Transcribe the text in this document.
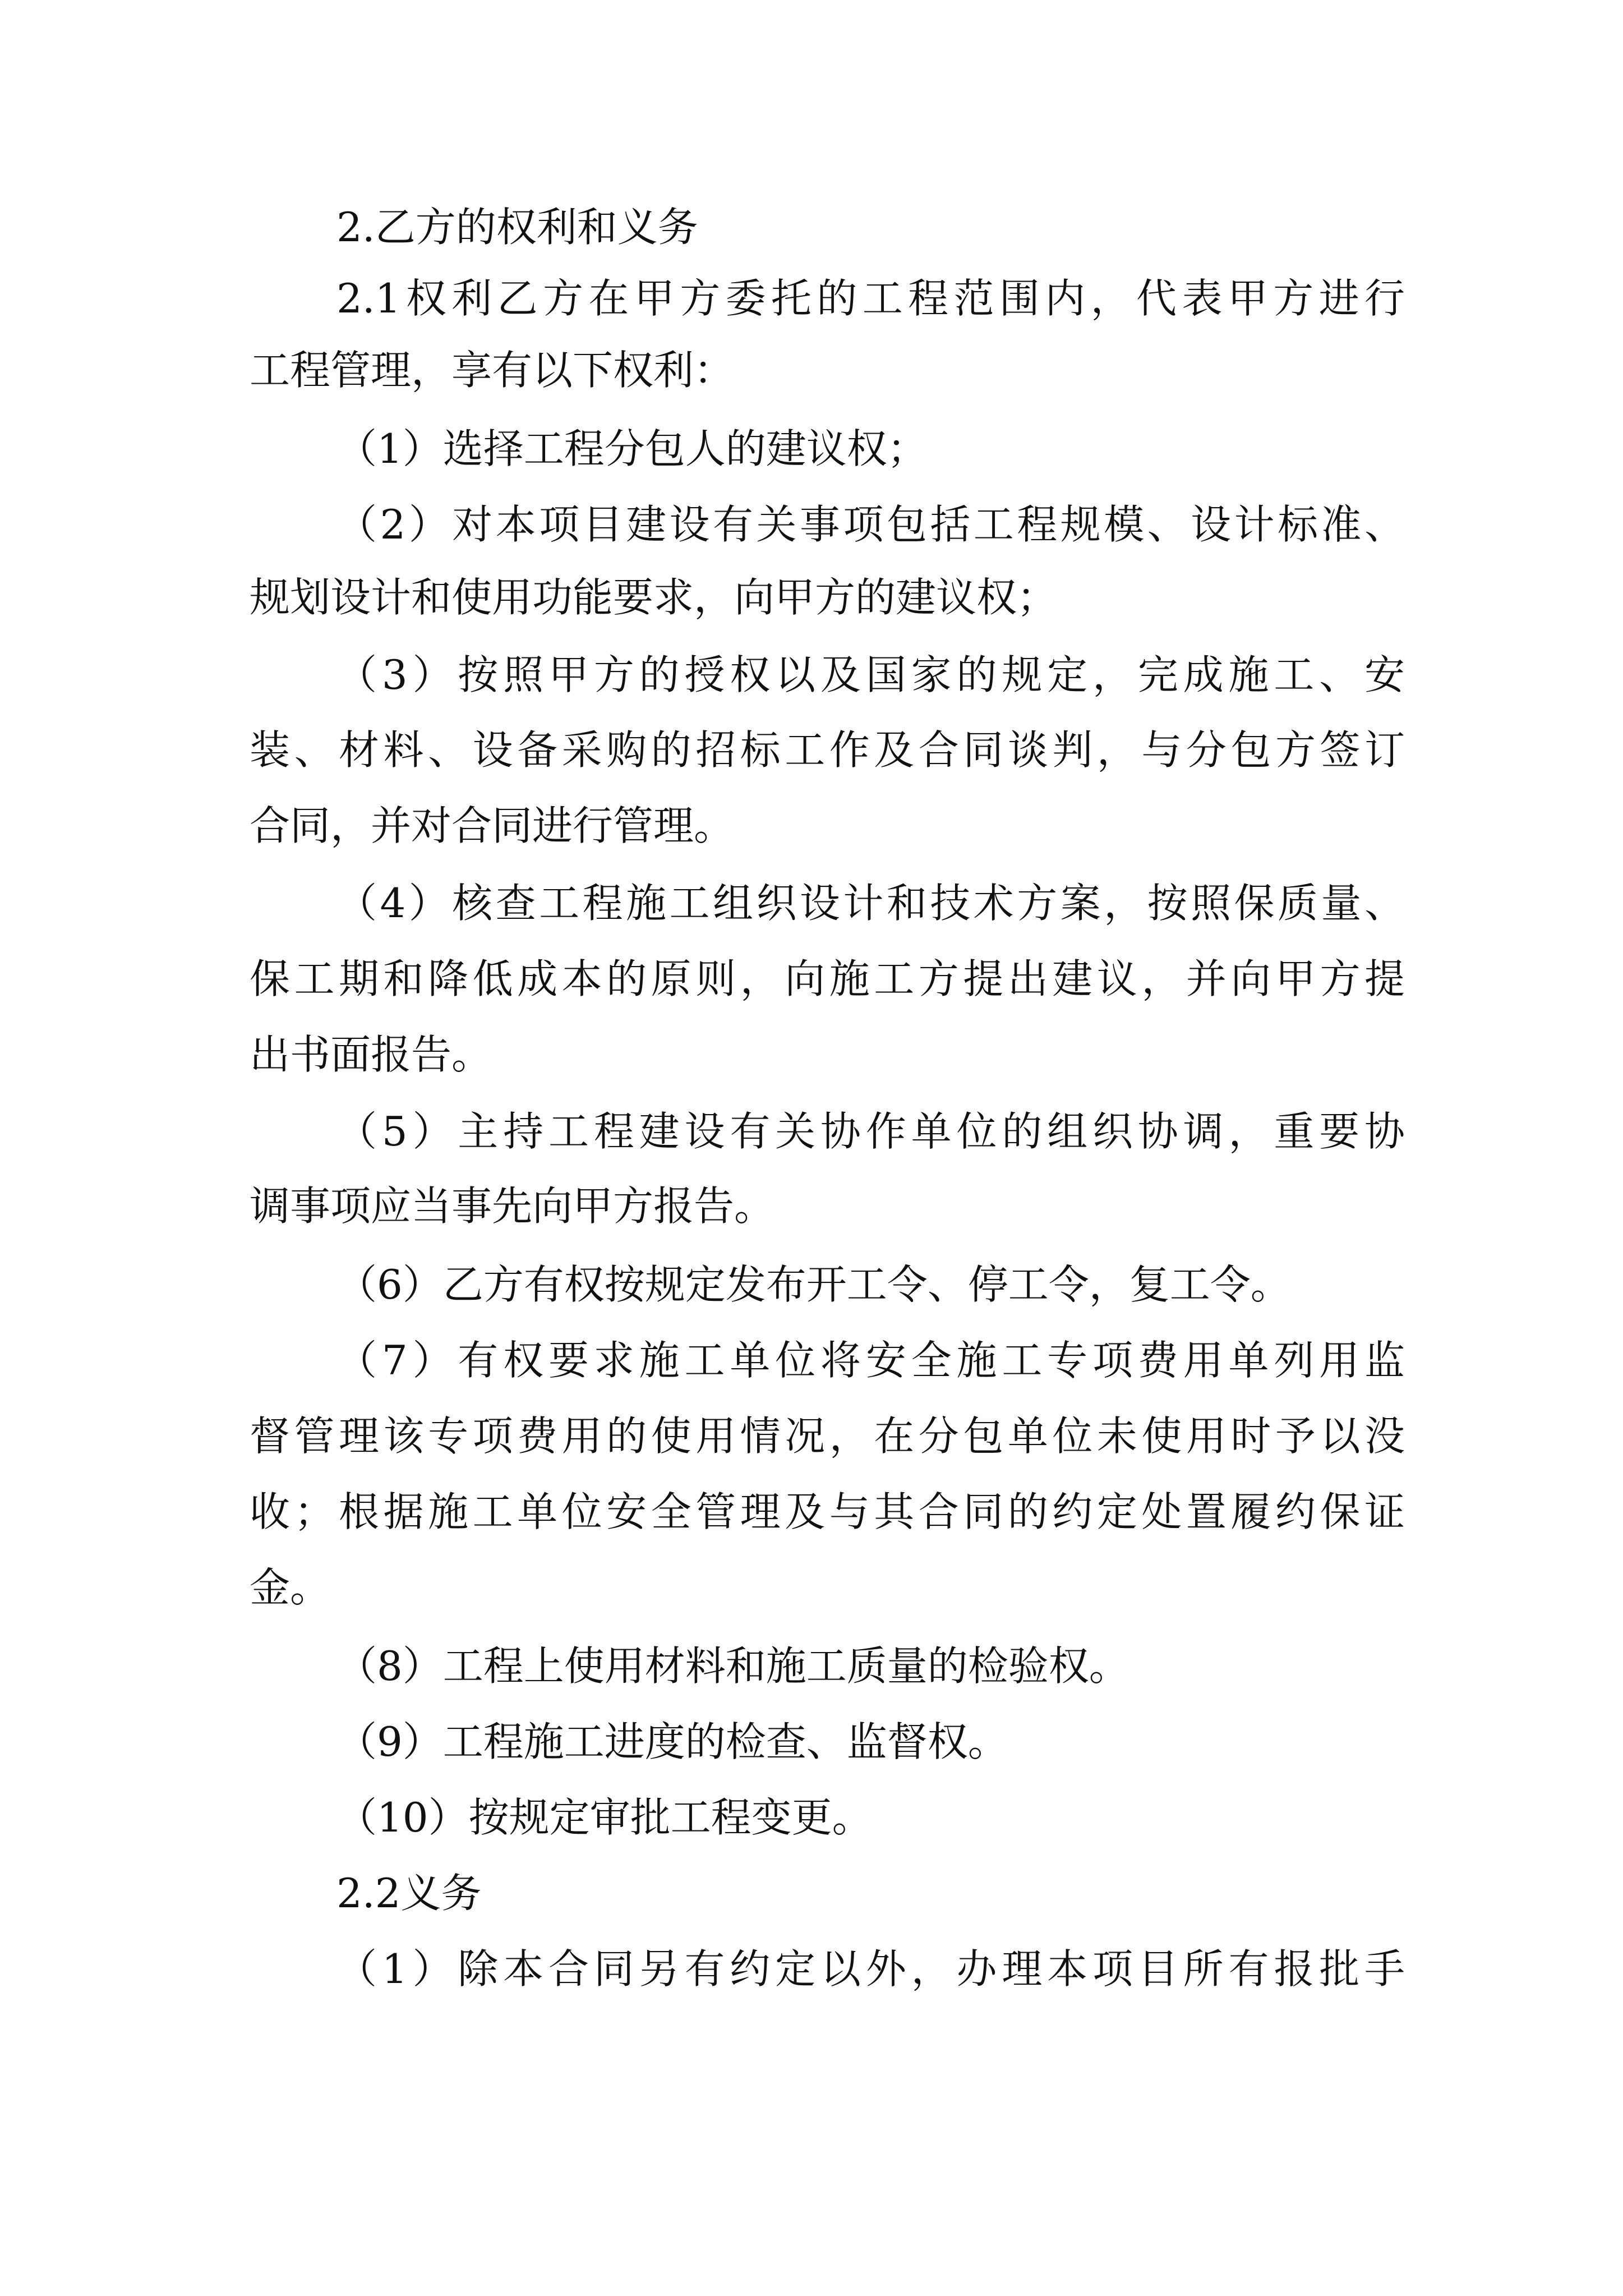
2.乙方的权利和义务
2.1权利乙方在甲方委托的工程范围内，代表甲方进行
工程管理，享有以下权利：
（1）选择工程分包人的建议权；
（2）对本项目建设有关事项包括工程规模、设计标准、
规划设计和使用功能要求，向甲方的建议权；
（3）按照甲方的授权以及国家的规定，完成施工、安
装、材料、设备采购的招标工作及合同谈判，与分包方签订
合同，并对合同进行管理。
（4）核查工程施工组织设计和技术方案，按照保质量、
保工期和降低成本的原则，向施工方提出建议，并向甲方提
出书面报告。
（5）主持工程建设有关协作单位的组织协调，重要协
调事项应当事先向甲方报告。
（6）乙方有权按规定发布开工令、停工令，复工令。
（7）有权要求施工单位将安全施工专项费用单列用监
督管理该专项费用的使用情况，在分包单位未使用时予以没
收；根据施工单位安全管理及与其合同的约定处置履约保证
金。
（8）工程上使用材料和施工质量的检验权。
（9）工程施工进度的检查、监督权。
（10）按规定审批工程变更。
2.2义务
（1）除本合同另有约定以外，办理本项目所有报批手
